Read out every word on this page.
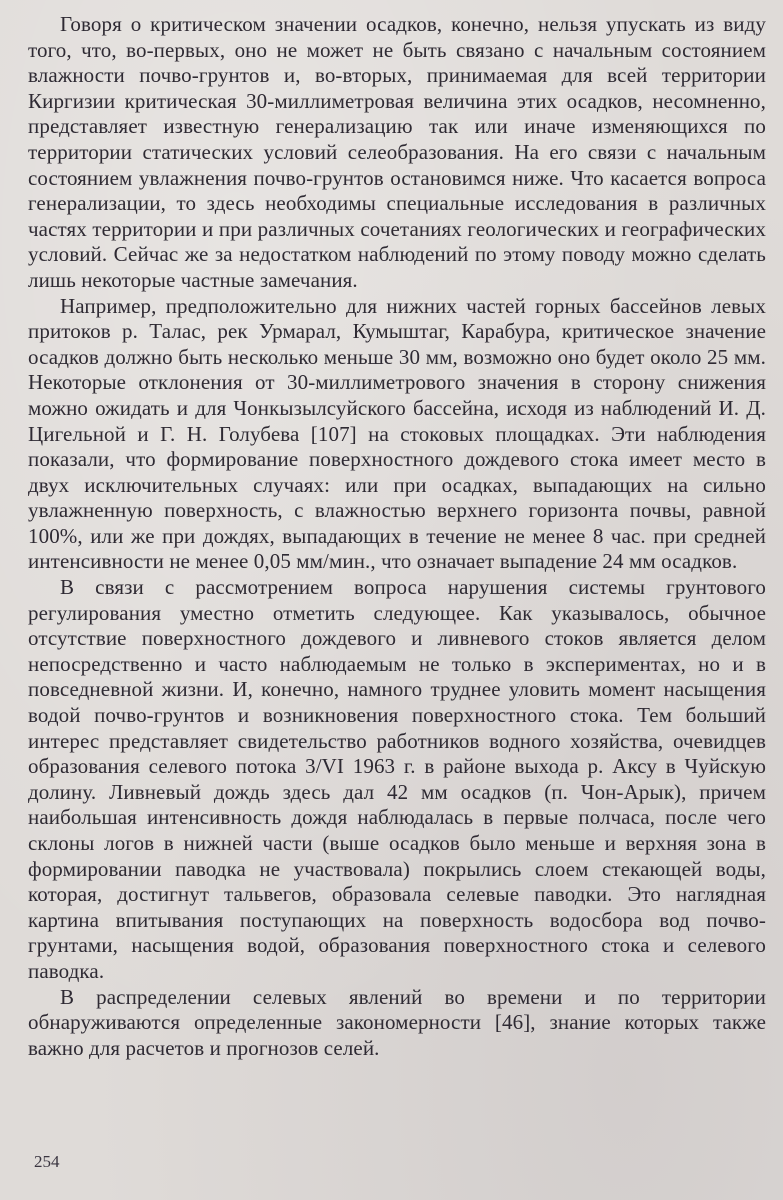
Говоря о критическом значении осадков, конечно, нельзя упускать из виду того, что, во-первых, оно не может не быть связано с начальным состоянием влажности почво-грунтов и, во-вторых, принимаемая для всей территории Киргизии критическая 30-миллиметровая величина этих осадков, несомненно, представляет известную генерализацию так или иначе изменяющихся по территории статических условий селеобразования. На его связи с начальным состоянием увлажнения почво-грунтов остановимся ниже. Что касается вопроса генерализации, то здесь необходимы специальные исследования в различных частях территории и при различных сочетаниях геологических и географических условий. Сейчас же за недостатком наблюдений по этому поводу можно сделать лишь некоторые частные замечания.

Например, предположительно для нижних частей горных бассейнов левых притоков р. Талас, рек Урмарал, Кумыштаг, Карабура, критическое значение осадков должно быть несколько меньше 30 мм, возможно оно будет около 25 мм. Некоторые отклонения от 30-миллиметрового значения в сторону снижения можно ожидать и для Чонкызылсуйского бассейна, исходя из наблюдений И. Д. Цигельной и Г. Н. Голубева [107] на стоковых площадках. Эти наблюдения показали, что формирование поверхностного дождевого стока имеет место в двух исключительных случаях: или при осадках, выпадающих на сильно увлажненную поверхность, с влажностью верхнего горизонта почвы, равной 100%, или же при дождях, выпадающих в течение не менее 8 час. при средней интенсивности не менее 0,05 мм/мин., что означает выпадение 24 мм осадков.

В связи с рассмотрением вопроса нарушения системы грунтового регулирования уместно отметить следующее. Как указывалось, обычное отсутствие поверхностного дождевого и ливневого стоков является делом непосредственно и часто наблюдаемым не только в экспериментах, но и в повседневной жизни. И, конечно, намного труднее уловить момент насыщения водой почво-грунтов и возникновения поверхностного стока. Тем больший интерес представляет свидетельство работников водного хозяйства, очевидцев образования селевого потока 3/VI 1963 г. в районе выхода р. Аксу в Чуйскую долину. Ливневый дождь здесь дал 42 мм осадков (п. Чон-Арык), причем наибольшая интенсивность дождя наблюдалась в первые полчаса, после чего склоны логов в нижней части (выше осадков было меньше и верхняя зона в формировании паводка не участвовала) покрылись слоем стекающей воды, которая, достигнут тальвегов, образовала селевые паводки. Это наглядная картина впитывания поступающих на поверхность водосбора вод почво-грунтами, насыщения водой, образования поверхностного стока и селевого паводка.

В распределении селевых явлений во времени и по территории обнаруживаются определенные закономерности [46], знание которых также важно для расчетов и прогнозов селей.

254
